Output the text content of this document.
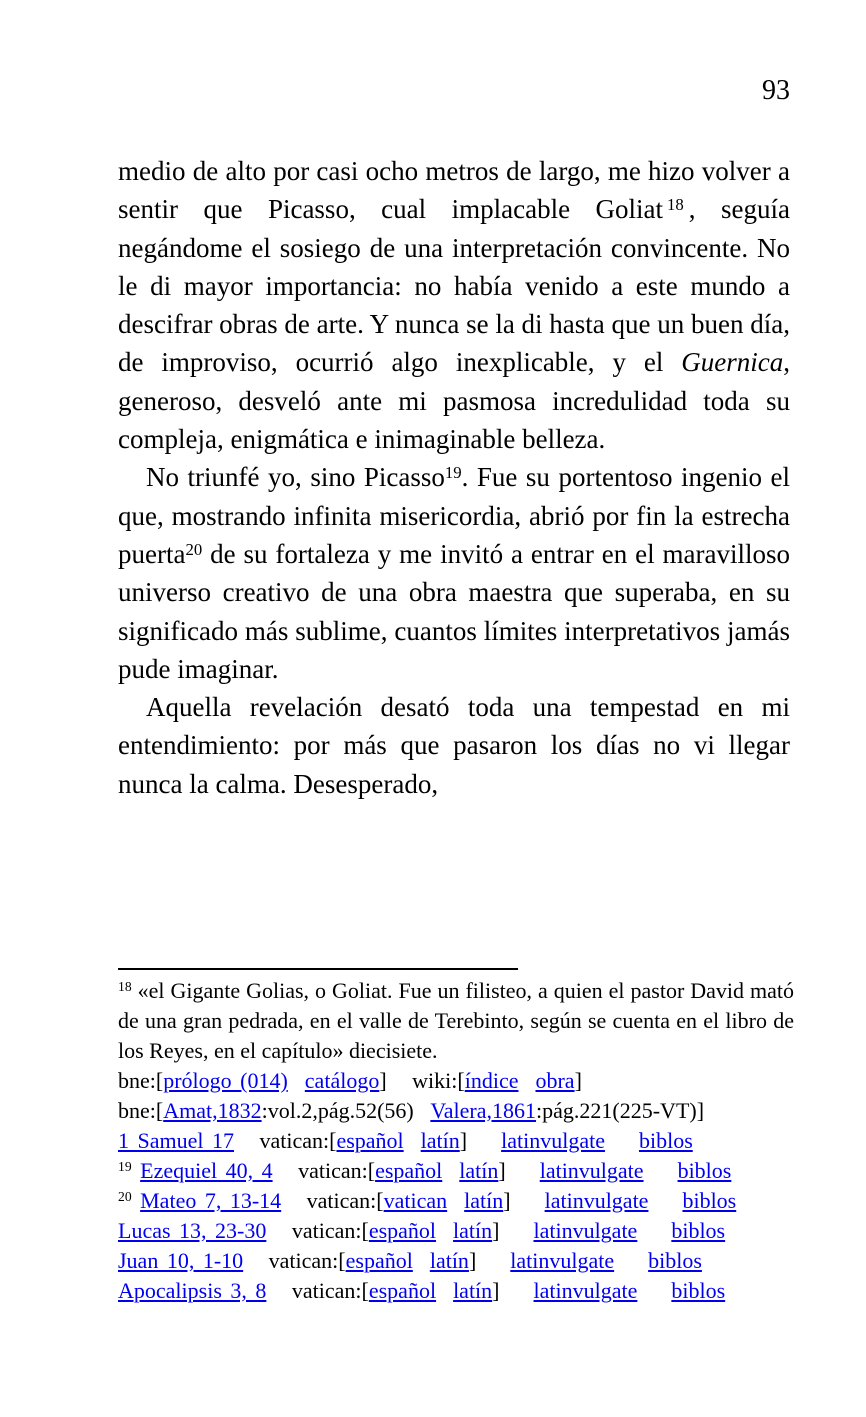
93

medio de alto por casi ocho metros de largo, me hizo volver a sentir que Picasso, cual implacable Goliat $^{18}$ , seguía negándome el sosiego de una interpretación convincente. No le di mayor importancia: no había venido a este mundo a descifrar obras de arte. Y nunca se la di hasta que un buen día, de improviso, ocurrió algo inexplicable, y el Guernica, generoso, desveló ante mi pasmosa incredulidad toda su compleja, enigmática e inimaginable belleza.

No triunfé yo, sino Picasso$^{19}$. Fue su portentoso ingenio el que, mostrando infinita misericordia, abrió por fin la estrecha puerta$^{20}$ de su fortaleza y me invitó a entrar en el maravilloso universo creativo de una obra maestra que superaba, en su significado más sublime, cuantos límites interpretativos jamás pude imaginar.

Aquella revelación desató toda una tempestad en mi entendimiento: por más que pasaron los días no vi llegar nunca la calma. Desesperado,

$^{18}$ «el Gigante Golias, o Goliat. Fue un filisteo, a quien el pastor David mató de una gran pedrada, en el valle de Terebinto, según se cuenta en el libro de los Reyes, en el capítulo» diecisiete.
bne:[prólogo (014) catálogo]   wiki:[índice obra]
bne:[Amat,1832:vol.2,pág.52(56)  Valera,1861:pág.221(225-VT)]
1 Samuel 17   vatican:[español latín]    latinvulgate biblos
$^{19}$ Ezequiel 40, 4   vatican:[español latín]    latinvulgate biblos
$^{20}$ Mateo 7, 13-14   vatican:[vatican latín]    latinvulgate biblos
Lucas 13, 23-30   vatican:[español latín]    latinvulgate biblos
Juan 10, 1-10   vatican:[español latín]    latinvulgate biblos
Apocalipsis 3, 8   vatican:[español latín]    latinvulgate biblos
